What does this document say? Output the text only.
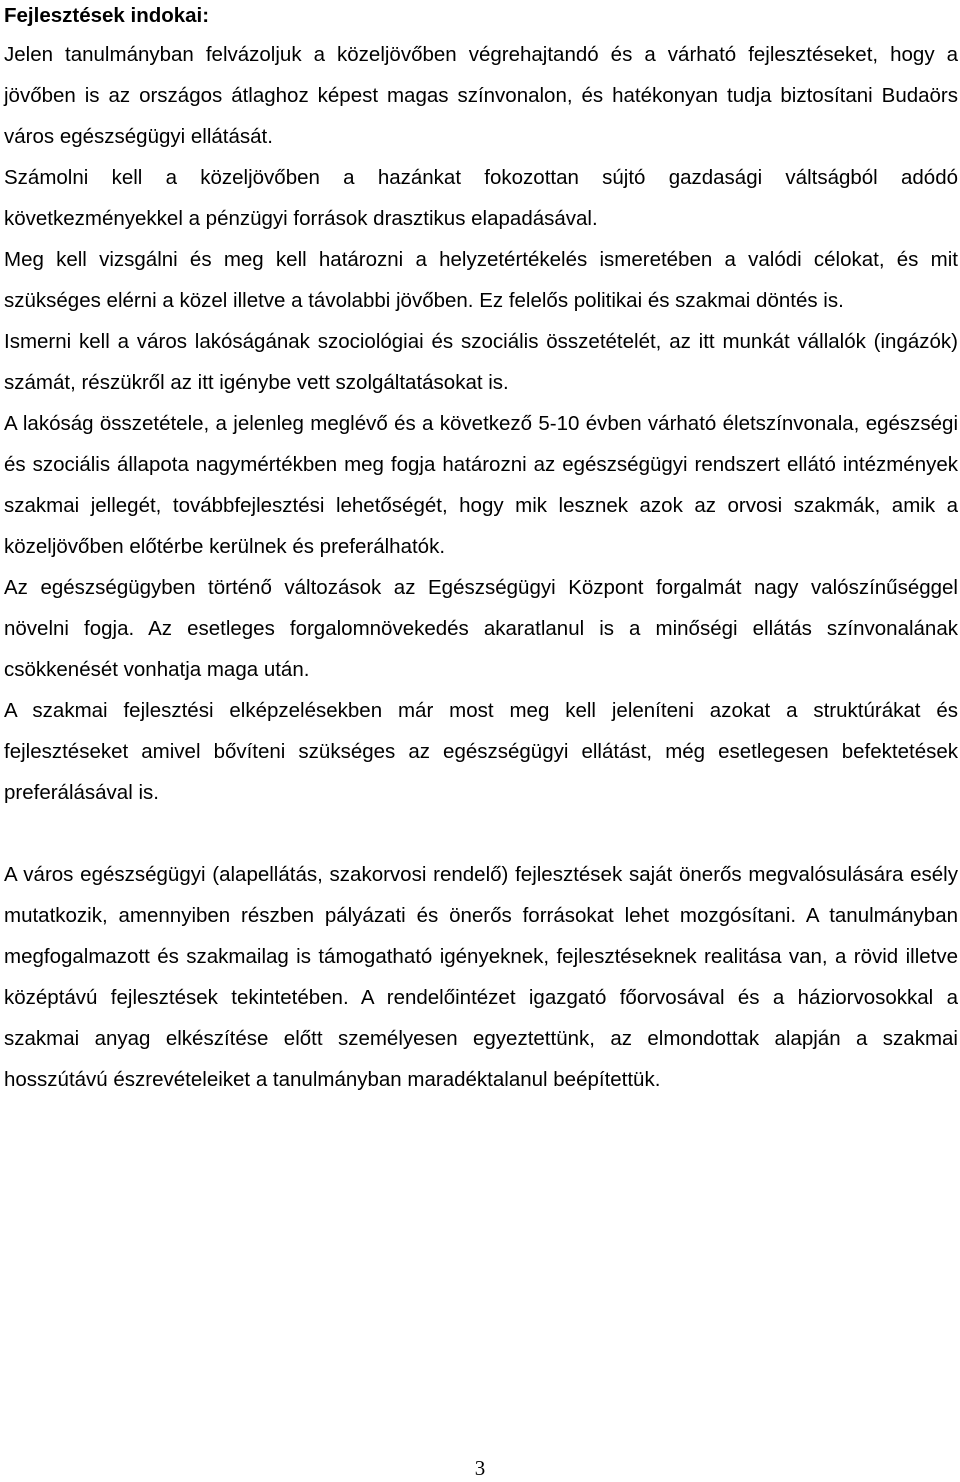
Fejlesztések indokai:

Jelen tanulmányban felvázoljuk a közeljövőben végrehajtandó és a várható fejlesztéseket, hogy a jövőben is az országos átlaghoz képest magas színvonalon, és hatékonyan tudja biztosítani Budaörs város egészségügyi ellátását.

Számolni kell a közeljövőben a hazánkat fokozottan sújtó gazdasági váltságból adódó következményekkel a pénzügyi források drasztikus elapadásával.

Meg kell vizsgálni és meg kell határozni a helyzetértékelés ismeretében a valódi célokat, és mit szükséges elérni a közel illetve a távolabbi jövőben. Ez felelős politikai és szakmai döntés is.

Ismerni kell a város lakóságának szociológiai és szociális összetételét, az itt munkát vállalók (ingázók) számát, részükről az itt igénybe vett szolgáltatásokat is.

A lakóság összetétele, a jelenleg meglévő és a következő 5-10 évben várható életszínvonala, egészségi és szociális állapota nagymértékben meg fogja határozni az egészségügyi rendszert ellátó intézmények szakmai jellegét, továbbfejlesztési lehetőségét, hogy mik lesznek azok az orvosi szakmák, amik a közeljövőben előtérbe kerülnek és preferálhatók.

Az egészségügyben történő változások az Egészségügyi Központ forgalmát nagy valószínűséggel növelni fogja. Az esetleges forgalomnövekedés akaratlanul is a minőségi ellátás színvonalának csökkenését vonhatja maga után.

A szakmai fejlesztési elképzelésekben már most meg kell jeleníteni azokat a struktúrákat és fejlesztéseket amivel bővíteni szükséges az egészségügyi ellátást, még esetlegesen befektetések preferálásával is.

A város egészségügyi (alapellátás, szakorvosi rendelő) fejlesztések saját önerős megvalósulására esély mutatkozik, amennyiben részben pályázati és önerős forrásokat lehet mozgósítani. A tanulmányban megfogalmazott és szakmailag is támogatható igényeknek, fejlesztéseknek realitása van, a rövid illetve középtávú fejlesztések tekintetében. A rendelőintézet igazgató főorvosával és a háziorvosokkal a szakmai anyag elkészítése előtt személyesen egyeztettünk, az elmondottak alapján a szakmai hosszútávú észrevételeiket a tanulmányban maradéktalanul beépítettük.

3
